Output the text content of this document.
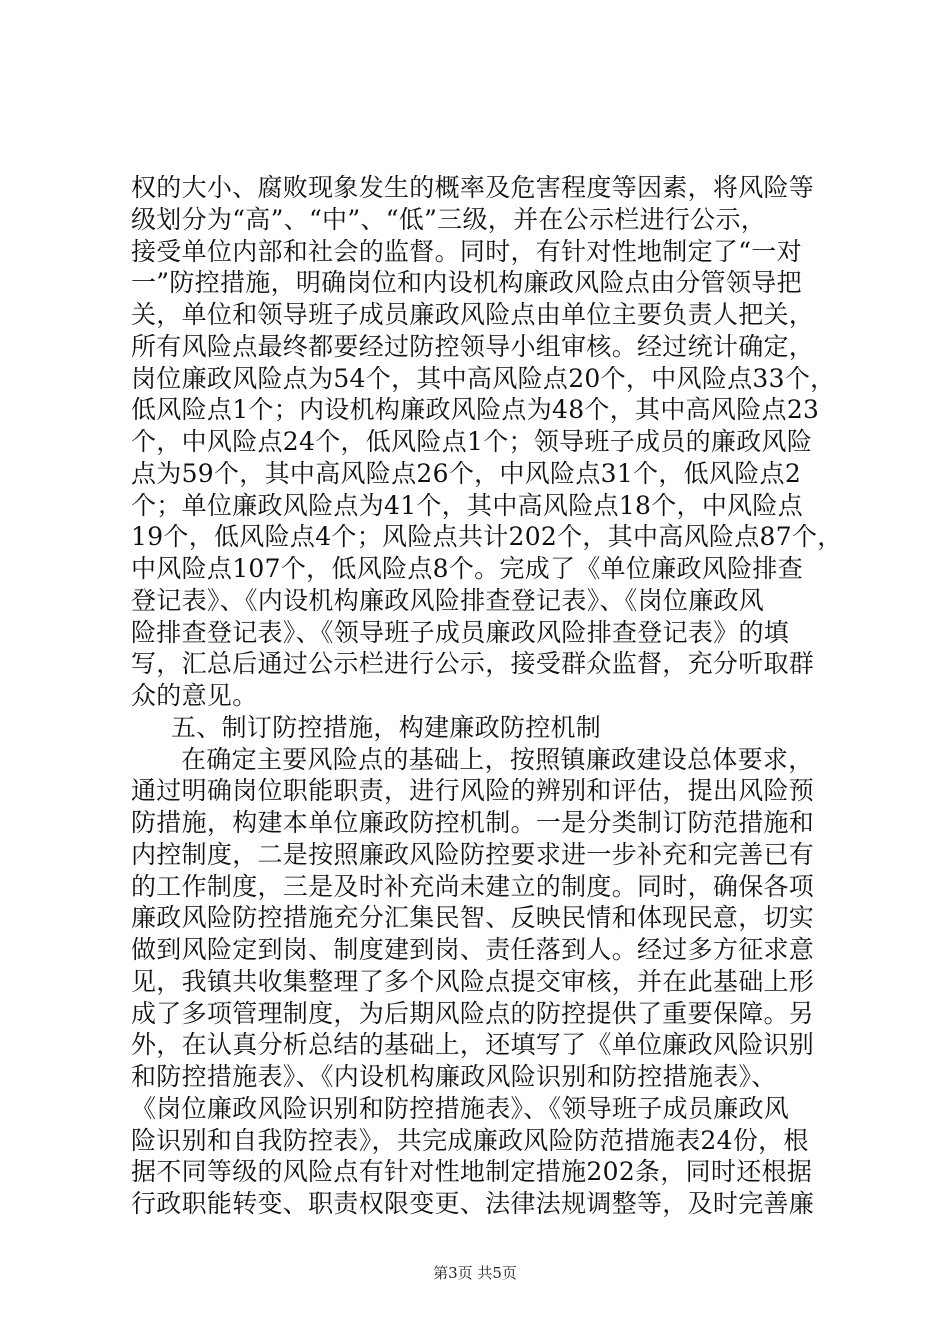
权的大小、腐败现象发生的概率及危害程度等因素，将风险等
级划分为“高”、“中”、“低”三级，并在公示栏进行公示，
接受单位内部和社会的监督。同时，有针对性地制定了“一对
一”防控措施，明确岗位和内设机构廉政风险点由分管领导把
关，单位和领导班子成员廉政风险点由单位主要负责人把关，
所有风险点最终都要经过防控领导小组审核。经过统计确定，
岗位廉政风险点为54个，其中高风险点20个，中风险点33个，
低风险点1个；内设机构廉政风险点为48个，其中高风险点23
个，中风险点24个，低风险点1个；领导班子成员的廉政风险
点为59个，其中高风险点26个，中风险点31个，低风险点2
个；单位廉政风险点为41个，其中高风险点18个，中风险点
19个，低风险点4个；风险点共计202个，其中高风险点87个，
中风险点107个，低风险点8个。完成了《单位廉政风险排查
登记表》、《内设机构廉政风险排查登记表》、《岗位廉政风
险排查登记表》、《领导班子成员廉政风险排查登记表》的填
写，汇总后通过公示栏进行公示，接受群众监督，充分听取群
众的意见。
五、制订防控措施，构建廉政防控机制
在确定主要风险点的基础上，按照镇廉政建设总体要求，
通过明确岗位职能职责，进行风险的辨别和评估，提出风险预
防措施，构建本单位廉政防控机制。一是分类制订防范措施和
内控制度，二是按照廉政风险防控要求进一步补充和完善已有
的工作制度，三是及时补充尚未建立的制度。同时，确保各项
廉政风险防控措施充分汇集民智、反映民情和体现民意，切实
做到风险定到岗、制度建到岗、责任落到人。经过多方征求意
见，我镇共收集整理了多个风险点提交审核，并在此基础上形
成了多项管理制度，为后期风险点的防控提供了重要保障。另
外，在认真分析总结的基础上，还填写了《单位廉政风险识别
和防控措施表》、《内设机构廉政风险识别和防控措施表》、
《岗位廉政风险识别和防控措施表》、《领导班子成员廉政风
险识别和自我防控表》，共完成廉政风险防范措施表24份，根
据不同等级的风险点有针对性地制定措施202条，同时还根据
行政职能转变、职责权限变更、法律法规调整等，及时完善廉
第3页 共5页
